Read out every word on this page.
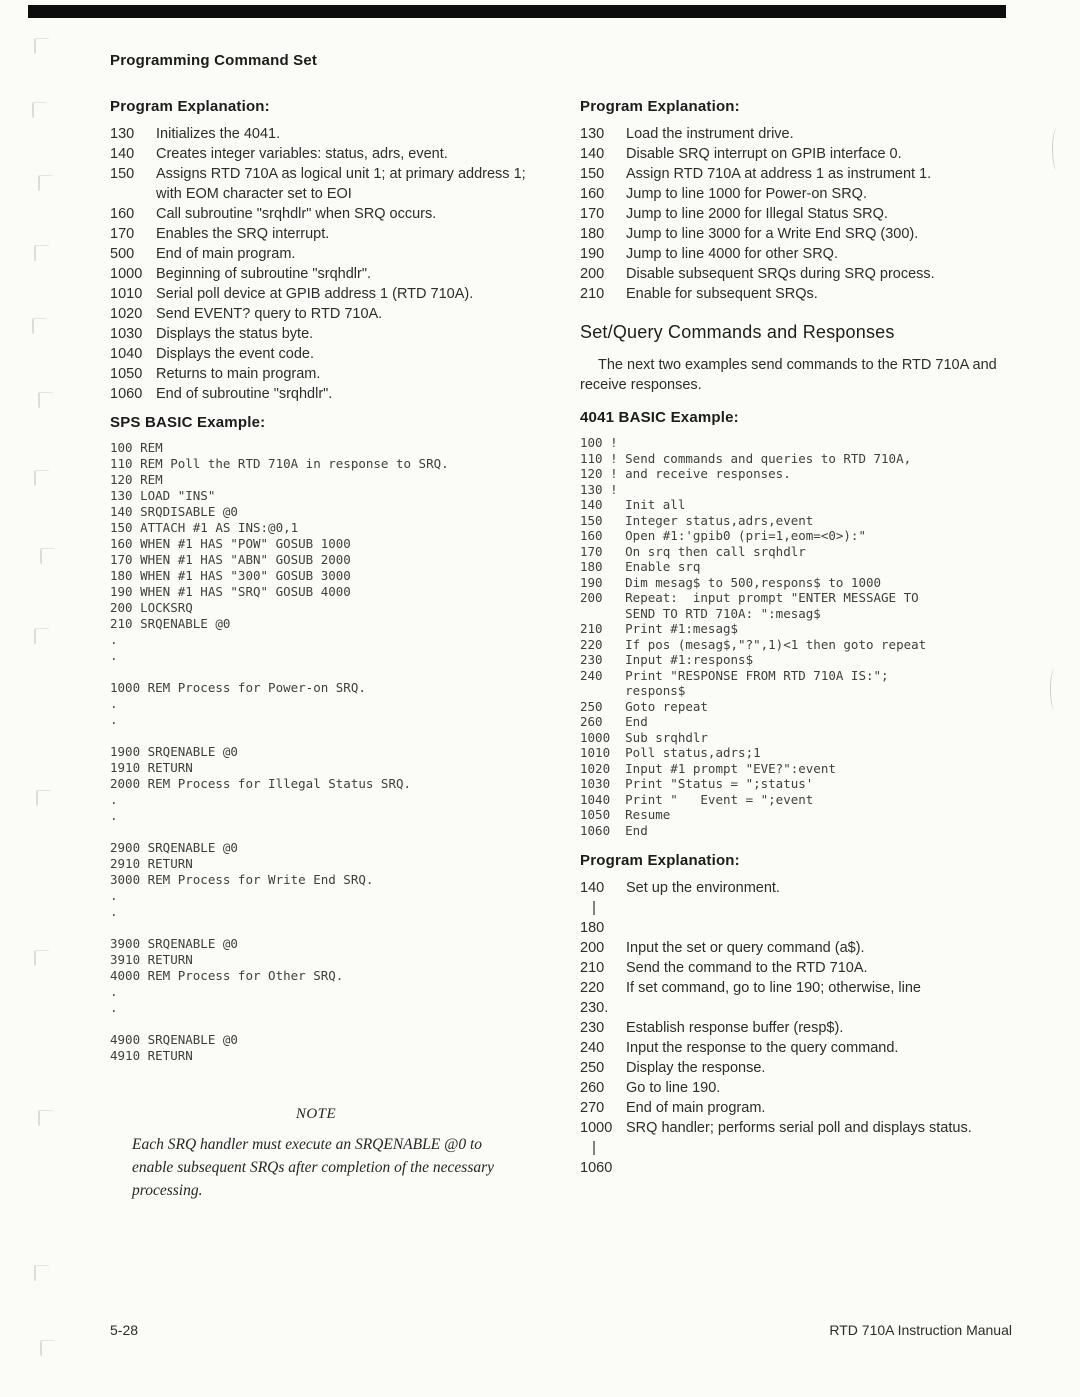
Programming Command Set
Program Explanation:
130	Initializes the 4041.
140	Creates integer variables: status, adrs, event.
150	Assigns RTD 710A as logical unit 1; at primary address 1; with EOM character set to EOI
160	Call subroutine "srqhdlr" when SRQ occurs.
170	Enables the SRQ interrupt.
500	End of main program.
1000 Beginning of subroutine "srqhdlr".
1010 Serial poll device at GPIB address 1 (RTD 710A).
1020 Send EVENT? query to RTD 710A.
1030 Displays the status byte.
1040 Displays the event code.
1050 Returns to main program.
1060 End of subroutine "srqhdlr".
SPS BASIC Example:
100 REM
110 REM Poll the RTD 710A in response to SRQ.
120 REM
130 LOAD "INS"
140 SRQDISABLE @0
150 ATTACH #1 AS INS:@0,1
160 WHEN #1 HAS "POW" GOSUB 1000
170 WHEN #1 HAS "ABN" GOSUB 2000
180 WHEN #1 HAS "300" GOSUB 3000
190 WHEN #1 HAS "SRQ" GOSUB 4000
200 LOCKSRQ
210 SRQENABLE @0
.
.
1000 REM Process for Power-on SRQ.
.
.
1900 SRQENABLE @0
1910 RETURN
2000 REM Process for Illegal Status SRQ.
.
.
2900 SRQENABLE @0
2910 RETURN
3000 REM Process for Write End SRQ.
.
.
3900 SRQENABLE @0
3910 RETURN
4000 REM Process for Other SRQ.
.
.
4900 SRQENABLE @0
4910 RETURN
NOTE
Each SRQ handler must execute an SRQENABLE @0 to enable subsequent SRQs after completion of the necessary processing.
Program Explanation:
130	Load the instrument drive.
140	Disable SRQ interrupt on GPIB interface 0.
150	Assign RTD 710A at address 1 as instrument 1.
160	Jump to line 1000 for Power-on SRQ.
170	Jump to line 2000 for Illegal Status SRQ.
180	Jump to line 3000 for a Write End SRQ (300).
190	Jump to line 4000 for other SRQ.
200	Disable subsequent SRQs during SRQ process.
210	Enable for subsequent SRQs.
Set/Query Commands and Responses

The next two examples send commands to the RTD 710A and receive responses.

4041 BASIC Example:
100 !
110 ! Send commands and queries to RTD 710A,
120 ! and receive responses.
130 !
140   Init all
150   Integer status,adrs,event
160   Open #1:'gpib0 (pri=1,eom=<0>):"
170   On srq then call srqhdlr
180   Enable srq
190   Dim mesag$ to 500,respons$ to 1000
200   Repeat:  input prompt "ENTER MESSAGE TO
SEND TO RTD 710A: ":mesag$
210   Print #1:mesag$
220   If pos (mesag$,"?",1)<1 then goto repeat
230   Input #1:respons$
240   Print "RESPONSE FROM RTD 710A IS:";
respons$
250   Goto repeat
260   End
1000  Sub srqhdlr
1010  Poll status,adrs;1
1020  Input #1 prompt "EVE?":event
1030  Print "Status = ";status'
1040  Print "   Event = ";event
1050  Resume
1060  End
Program Explanation:
140	Set up the environment.
|
180
200	Input the set or query command (a$).
210	Send the command to the RTD 710A.
220	If set command, go to line 190; otherwise, line
230.
230	Establish response buffer (resp$).
240	Input the response to the query command.
250	Display the response.
260	Go to line 190.
270	End of main program.
1000 SRQ handler; performs serial poll and displays status.
|
1060
5-28	RTD 710A Instruction Manual
